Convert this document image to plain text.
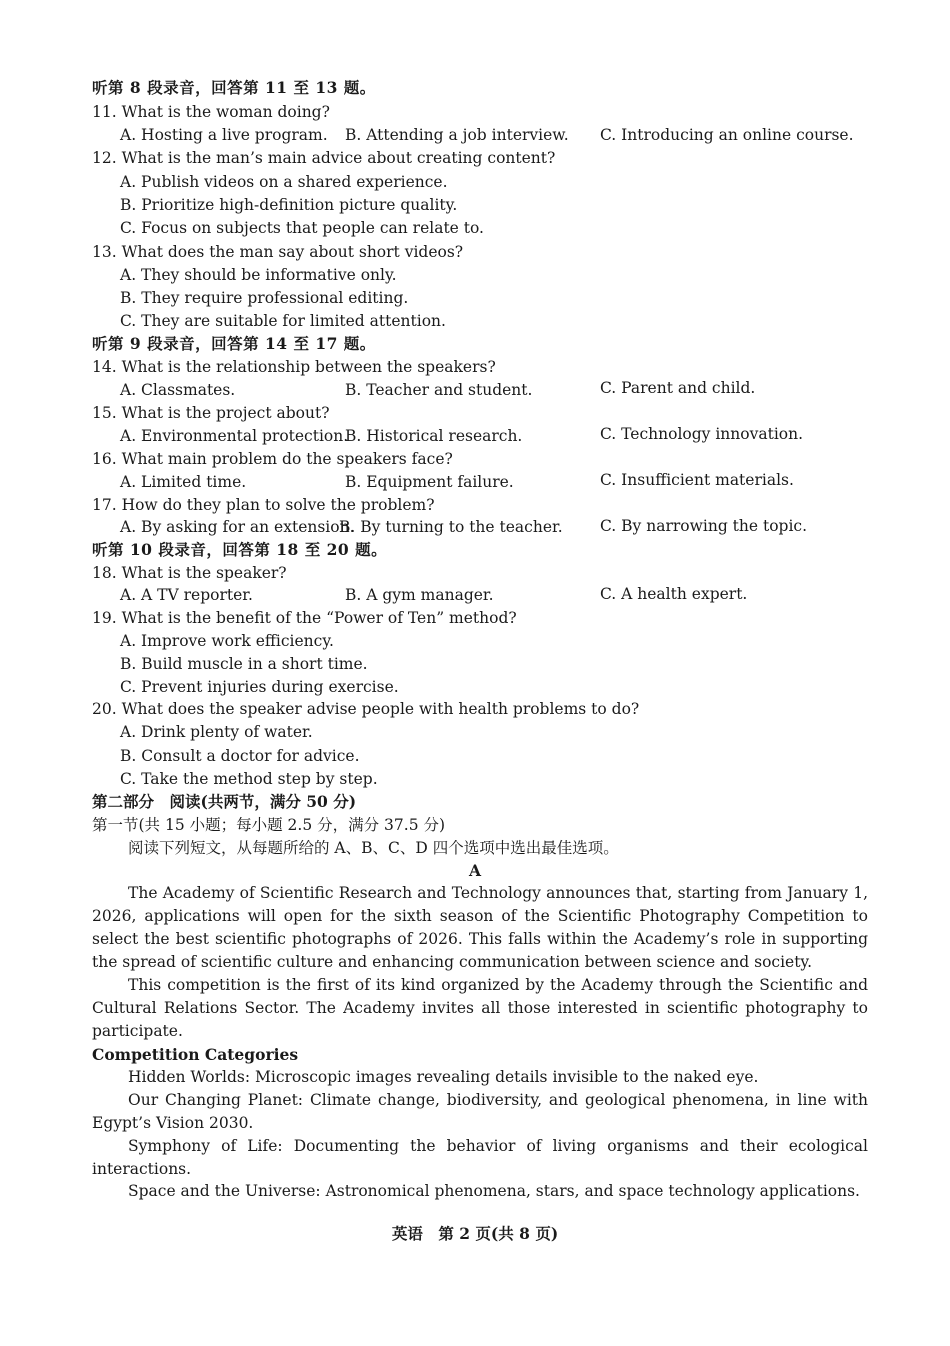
听第 8 段录音，回答第 11 至 13 题。
11. What is the woman doing?
A. Hosting a live program. B. Attending a job interview. C. Introducing an online course.
12. What is the man’s main advice about creating content?
A. Publish videos on a shared experience.
B. Prioritize high-definition picture quality.
C. Focus on subjects that people can relate to.
13. What does the man say about short videos?
A. They should be informative only.
B. They require professional editing.
C. They are suitable for limited attention.
听第 9 段录音，回答第 14 至 17 题。
14. What is the relationship between the speakers?
A. Classmates.	B. Teacher and student.	C. Parent and child.
15. What is the project about?
A. Environmental protection.
B. Historical research.	C. Technology innovation.
16. What main problem do the speakers face?
A. Limited time.	B. Equipment failure.	C. Insufficient materials.
17. How do they plan to solve the problem?
A. By asking for an extension.
B. By turning to the teacher. C. By narrowing the topic.
听第 10 段录音，回答第 18 至 20 题。
18. What is the speaker?
A. A TV reporter.	B. A gym manager.	C. A health expert.
19. What is the benefit of the “Power of Ten” method?
A. Improve work efficiency.
B. Build muscle in a short time.
C. Prevent injuries during exercise.
20. What does the speaker advise people with health problems to do?
A. Drink plenty of water.
B. Consult a doctor for advice.
C. Take the method step by step.
第二部分　阅读(共两节，满分 50 分)
第一节(共 15 小题；每小题 2.5 分，满分 37.5 分)
阅读下列短文，从每题所给的 A、B、C、D 四个选项中选出最佳选项。
A
The Academy of Scientific Research and Technology announces that, starting from January 1, 2026, applications will open for the sixth season of the Scientific Photography Competition to select the best scientific photographs of 2026. This falls within the Academy’s role in supporting the spread of scientific culture and enhancing communication between science and society.
This competition is the first of its kind organized by the Academy through the Scientific and Cultural Relations Sector. The Academy invites all those interested in scientific photography to participate.
Competition Categories
Hidden Worlds: Microscopic images revealing details invisible to the naked eye.
Our Changing Planet: Climate change, biodiversity, and geological phenomena, in line with Egypt’s Vision 2030.
Symphony of Life: Documenting the behavior of living organisms and their ecological interactions.
Space and the Universe: Astronomical phenomena, stars, and space technology applications.
英语　第 2 页(共 8 页)
